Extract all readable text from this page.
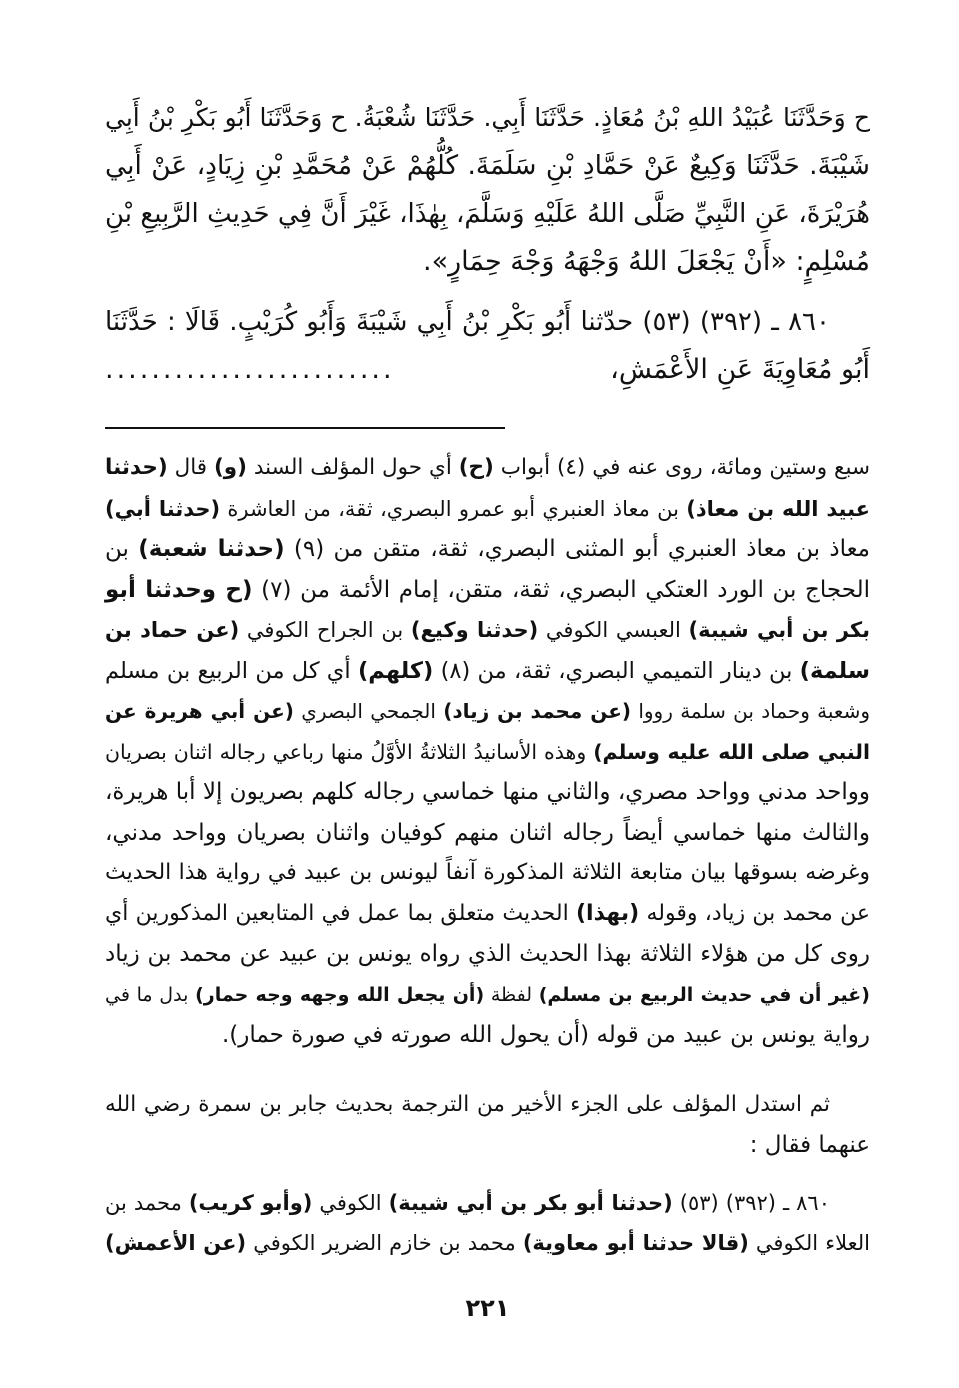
ح وَحَدَّثَنَا عُبَيْدُ اللهِ بْنُ مُعَاذٍ. حَدَّثَنَا أَبِي. حَدَّثَنَا شُعْبَةُ. ح وَحَدَّثَنَا أَبُو بَكْرِ بْنُ أَبِي
شَيْبَةَ. حَدَّثَنَا وَكِيعٌ عَنْ حَمَّادِ بْنِ سَلَمَةَ. كُلُّهُمْ عَنْ مُحَمَّدِ بْنِ زِيَادٍ، عَنْ أَبِي
هُرَيْرَةَ، عَنِ النَّبِيِّ صَلَّى اللهُ عَلَيْهِ وَسَلَّمَ، بِهٰذَا، غَيْرَ أَنَّ فِي حَدِيثِ الرَّبِيعِ بْنِ
مُسْلِمٍ: «أَنْ يَجْعَلَ اللهُ وَجْهَهُ وَجْهَ حِمَارٍ».
٨٦٠ ـ (٣٩٢) (٥٣) حدّثنا أَبُو بَكْرِ بْنُ أَبِي شَيْبَةَ وَأَبُو كُرَيْبٍ. قَالَا : حَدَّثَنَا
أَبُو مُعَاوِيَةَ عَنِ الأَعْمَشِ،
.........................
سبع وستين ومائة، روى عنه في (٤) أبواب (ح) أي حول المؤلف السند (و) قال (حدثنا
عبيد الله بن معاذ) بن معاذ العنبري أبو عمرو البصري، ثقة، من العاشرة (حدثنا أبي)
معاذ بن معاذ العنبري أبو المثنى البصري، ثقة، متقن من (٩) (حدثنا شعبة) بن
الحجاج بن الورد العتكي البصري، ثقة، متقن، إمام الأئمة من (٧) (ح وحدثنا أبو
بكر بن أبي شيبة) العبسي الكوفي (حدثنا وكيع) بن الجراح الكوفي (عن حماد بن
سلمة) بن دينار التميمي البصري، ثقة، من (٨) (كلهم) أي كل من الربيع بن مسلم
وشعبة وحماد بن سلمة رووا (عن محمد بن زياد) الجمحي البصري (عن أبي هريرة عن
النبي صلى الله عليه وسلم) وهذه الأسانيدُ الثلاثةُ الأوَّلُ منها رباعي رجاله اثنان بصريان
وواحد مدني وواحد مصري، والثاني منها خماسي رجاله كلهم بصريون إلا أبا هريرة،
والثالث منها خماسي أيضاً رجاله اثنان منهم كوفيان واثنان بصريان وواحد مدني،
وغرضه بسوقها بيان متابعة الثلاثة المذكورة آنفاً ليونس بن عبيد في رواية هذا الحديث
عن محمد بن زياد، وقوله (بهذا) الحديث متعلق بما عمل في المتابعين المذكورين أي
روى كل من هؤلاء الثلاثة بهذا الحديث الذي رواه يونس بن عبيد عن محمد بن زياد
(غير أن في حديث الربيع بن مسلم) لفظة (أن يجعل الله وجهه وجه حمار) بدل ما في
رواية يونس بن عبيد من قوله (أن يحول الله صورته في صورة حمار).
ثم استدل المؤلف على الجزء الأخير من الترجمة بحديث جابر بن سمرة رضي الله
عنهما فقال :
٨٦٠ ـ (٣٩٢) (٥٣) (حدثنا أبو بكر بن أبي شيبة) الكوفي (وأبو كريب) محمد بن
العلاء الكوفي (قالا حدثنا أبو معاوية) محمد بن خازم الضرير الكوفي (عن الأعمش)
٢٢١
